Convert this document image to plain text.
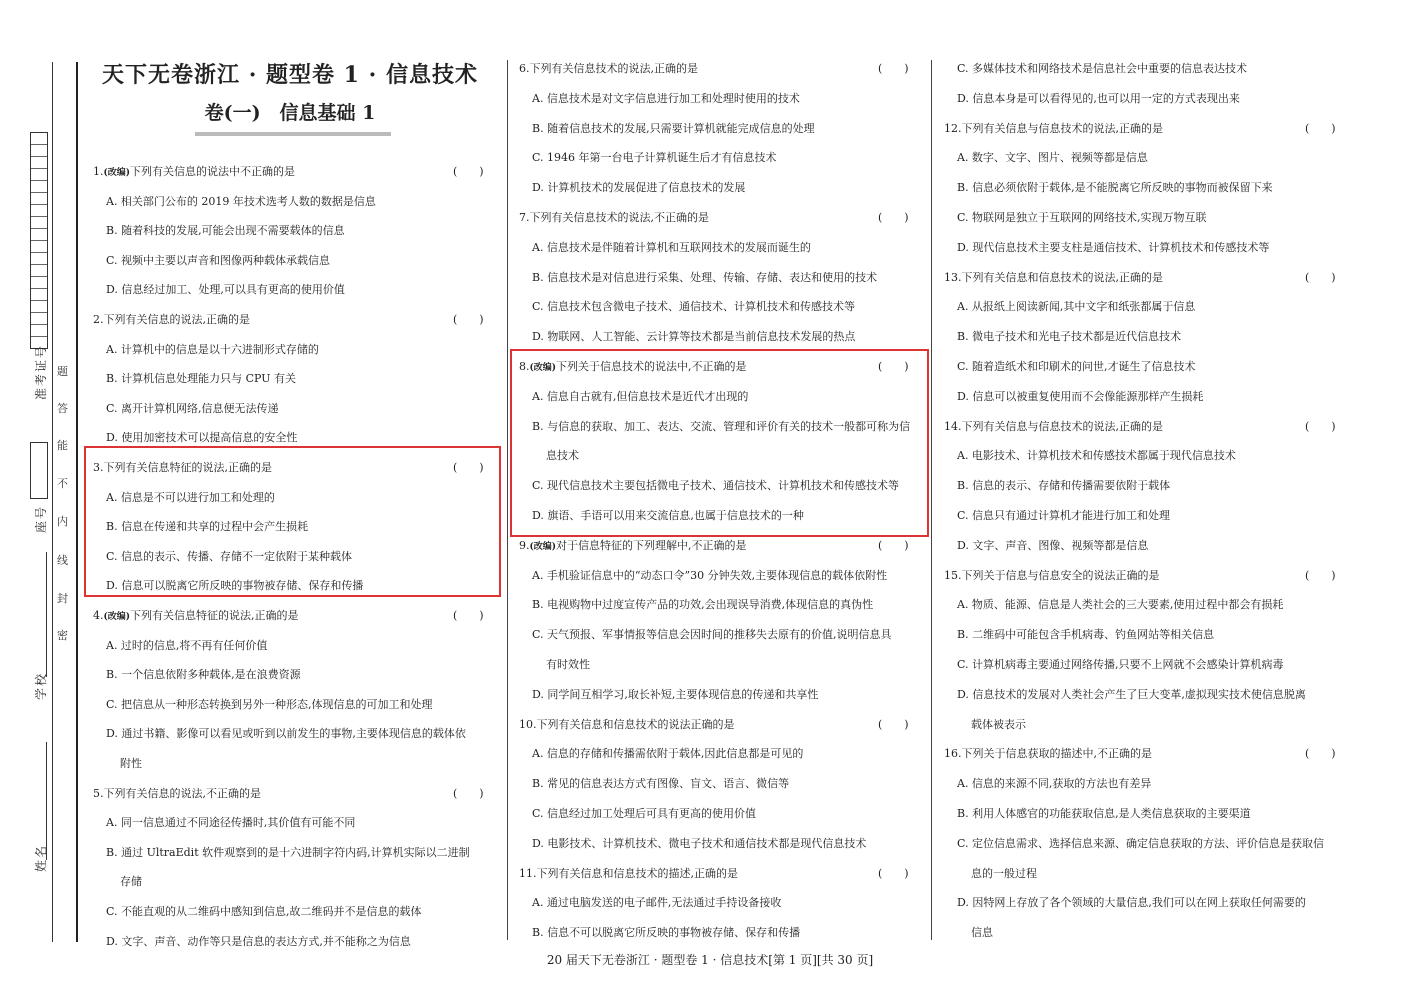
准考证号
座号
学校
姓名
题
答
能
不
内
线
封
密
天下无卷浙江 · 题型卷 1 · 信息技术
卷(一)　信息基础 1
1.(改编)下列有关信息的说法中不正确的是	(　　)
A. 相关部门公布的 2019 年技术选考人数的数据是信息
B. 随着科技的发展,可能会出现不需要载体的信息
C. 视频中主要以声音和图像两种载体承载信息
D. 信息经过加工、处理,可以具有更高的使用价值
2.下列有关信息的说法,正确的是	(　　)
A. 计算机中的信息是以十六进制形式存储的
B. 计算机信息处理能力只与 CPU 有关
C. 离开计算机网络,信息便无法传递
D. 使用加密技术可以提高信息的安全性
3.下列有关信息特征的说法,正确的是	(　　)
A. 信息是不可以进行加工和处理的
B. 信息在传递和共享的过程中会产生损耗
C. 信息的表示、传播、存储不一定依附于某种载体
D. 信息可以脱离它所反映的事物被存储、保存和传播
4.(改编)下列有关信息特征的说法,正确的是	(　　)
A. 过时的信息,将不再有任何价值
B. 一个信息依附多种载体,是在浪费资源
C. 把信息从一种形态转换到另外一种形态,体现信息的可加工和处理
D. 通过书籍、影像可以看见或听到以前发生的事物,主要体现信息的载体依
附性
5.下列有关信息的说法,不正确的是	(　　)
A. 同一信息通过不同途径传播时,其价值有可能不同
B. 通过 UltraEdit 软件观察到的是十六进制字符内码,计算机实际以二进制
存储
C. 不能直观的从二维码中感知到信息,故二维码并不是信息的载体
D. 文字、声音、动作等只是信息的表达方式,并不能称之为信息
6.下列有关信息技术的说法,正确的是	(　　)
A. 信息技术是对文字信息进行加工和处理时使用的技术
B. 随着信息技术的发展,只需要计算机就能完成信息的处理
C. 1946 年第一台电子计算机诞生后才有信息技术
D. 计算机技术的发展促进了信息技术的发展
7.下列有关信息技术的说法,不正确的是	(　　)
A. 信息技术是伴随着计算机和互联网技术的发展而诞生的
B. 信息技术是对信息进行采集、处理、传输、存储、表达和使用的技术
C. 信息技术包含微电子技术、通信技术、计算机技术和传感技术等
D. 物联网、人工智能、云计算等技术都是当前信息技术发展的热点
8.(改编)下列关于信息技术的说法中,不正确的是	(　　)
A. 信息自古就有,但信息技术是近代才出现的
B. 与信息的获取、加工、表达、交流、管理和评价有关的技术一般都可称为信
息技术
C. 现代信息技术主要包括微电子技术、通信技术、计算机技术和传感技术等
D. 旗语、手语可以用来交流信息,也属于信息技术的一种
9.(改编)对于信息特征的下列理解中,不正确的是	(　　)
A. 手机验证信息中的“动态口令”30 分钟失效,主要体现信息的载体依附性
B. 电视购物中过度宣传产品的功效,会出现误导消费,体现信息的真伪性
C. 天气预报、军事情报等信息会因时间的推移失去原有的价值,说明信息具
有时效性
D. 同学间互相学习,取长补短,主要体现信息的传递和共享性
10.下列有关信息和信息技术的说法正确的是	(　　)
A. 信息的存储和传播需依附于载体,因此信息都是可见的
B. 常见的信息表达方式有图像、盲文、语言、微信等
C. 信息经过加工处理后可具有更高的使用价值
D. 电影技术、计算机技术、微电子技术和通信技术都是现代信息技术
11.下列有关信息和信息技术的描述,正确的是	(　　)
A. 通过电脑发送的电子邮件,无法通过手持设备接收
B. 信息不可以脱离它所反映的事物被存储、保存和传播
C. 多媒体技术和网络技术是信息社会中重要的信息表达技术
D. 信息本身是可以看得见的,也可以用一定的方式表现出来
12.下列有关信息与信息技术的说法,正确的是	(　　)
A. 数字、文字、图片、视频等都是信息
B. 信息必须依附于载体,是不能脱离它所反映的事物而被保留下来
C. 物联网是独立于互联网的网络技术,实现万物互联
D. 现代信息技术主要支柱是通信技术、计算机技术和传感技术等
13.下列有关信息和信息技术的说法,正确的是	(　　)
A. 从报纸上阅读新闻,其中文字和纸张都属于信息
B. 微电子技术和光电子技术都是近代信息技术
C. 随着造纸术和印刷术的问世,才诞生了信息技术
D. 信息可以被重复使用而不会像能源那样产生损耗
14.下列有关信息与信息技术的说法,正确的是	(　　)
A. 电影技术、计算机技术和传感技术都属于现代信息技术
B. 信息的表示、存储和传播需要依附于载体
C. 信息只有通过计算机才能进行加工和处理
D. 文字、声音、图像、视频等都是信息
15.下列关于信息与信息安全的说法正确的是	(　　)
A. 物质、能源、信息是人类社会的三大要素,使用过程中都会有损耗
B. 二维码中可能包含手机病毒、钓鱼网站等相关信息
C. 计算机病毒主要通过网络传播,只要不上网就不会感染计算机病毒
D. 信息技术的发展对人类社会产生了巨大变革,虚拟现实技术使信息脱离
载体被表示
16.下列关于信息获取的描述中,不正确的是	(　　)
A. 信息的来源不同,获取的方法也有差异
B. 利用人体感官的功能获取信息,是人类信息获取的主要渠道
C. 定位信息需求、选择信息来源、确定信息获取的方法、评价信息是获取信
息的一般过程
D. 因特网上存放了各个领域的大量信息,我们可以在网上获取任何需要的
信息
20 届天下无卷浙江 · 题型卷 1 · 信息技术[第 1 页][共 30 页]
